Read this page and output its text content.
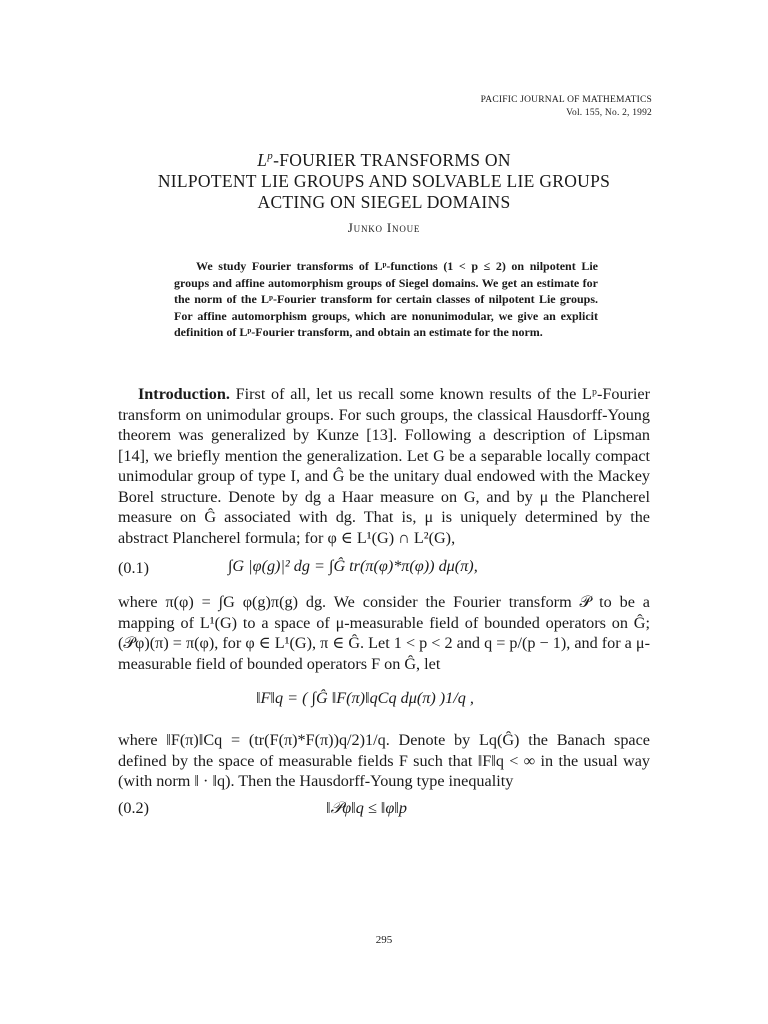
PACIFIC JOURNAL OF MATHEMATICS
Vol. 155, No. 2, 1992
$L^p$-FOURIER TRANSFORMS ON
NILPOTENT LIE GROUPS AND SOLVABLE LIE GROUPS
ACTING ON SIEGEL DOMAINS
Junko Inoue

We study Fourier transforms of Lᵖ-functions (1 < p ≤ 2) on nilpotent Lie groups and affine automorphism groups of Siegel domains. We get an estimate for the norm of the Lᵖ-Fourier transform for certain classes of nilpotent Lie groups. For affine automorphism groups, which are nonunimodular, we give an explicit definition of Lᵖ-Fourier transform, and obtain an estimate for the norm.

Introduction. First of all, let us recall some known results of the Lᵖ-Fourier transform on unimodular groups. For such groups, the classical Hausdorff-Young theorem was generalized by Kunze [13]. Following a description of Lipsman [14], we briefly mention the generalization. Let G be a separable locally compact unimodular group of type I, and Ĝ be the unitary dual endowed with the Mackey Borel structure. Denote by dg a Haar measure on G, and by μ the Plancherel measure on Ĝ associated with dg. That is, μ is uniquely determined by the abstract Plancherel formula; for φ ∈ L¹(G) ∩ L²(G),

(0.1)	∫G |φ(g)|² dg = ∫Ĝ tr(π(φ)*π(φ)) dμ(π),

where π(φ) = ∫G φ(g)π(g) dg. We consider the Fourier transform 𝒫 to be a mapping of L¹(G) to a space of μ-measurable field of bounded operators on Ĝ; (𝒫φ)(π) = π(φ), for φ ∈ L¹(G), π ∈ Ĝ. Let 1 < p < 2 and q = p/(p − 1), and for a μ-measurable field of bounded operators F on Ĝ, let

‖F‖q = ( ∫Ĝ ‖F(π)‖qCq dμ(π) )1/q ,

where ‖F(π)‖Cq = (tr(F(π)*F(π))q/2)1/q. Denote by Lq(Ĝ) the Banach space defined by the space of measurable fields F such that ‖F‖q < ∞ in the usual way (with norm ‖ · ‖q). Then the Hausdorff-Young type inequality

(0.2)	‖𝒫φ‖q ≤ ‖φ‖p
295
